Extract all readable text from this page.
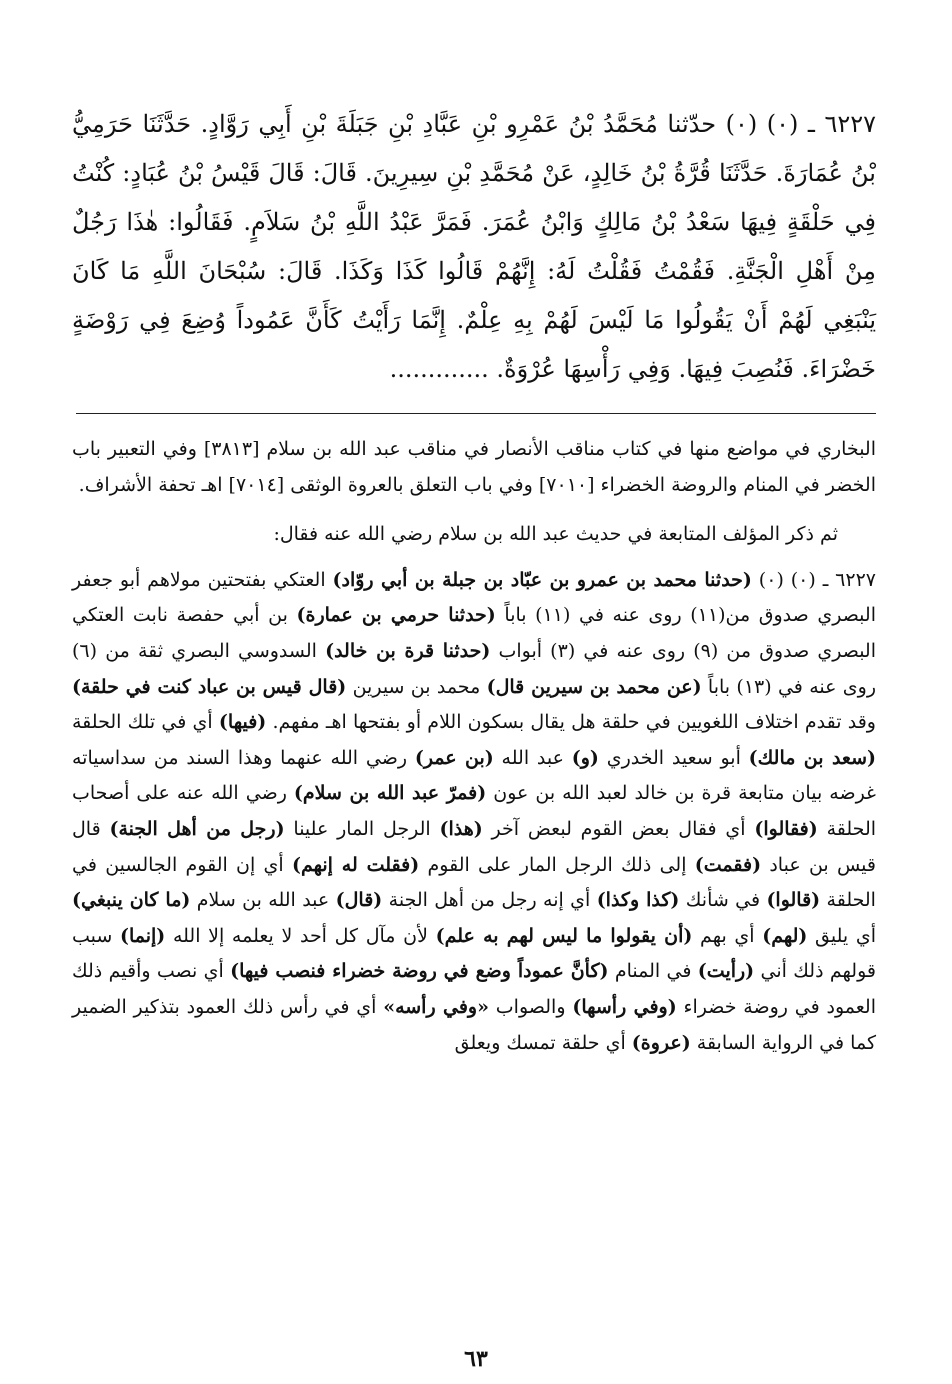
٦٢٢٧ ـ (٠) (٠) حدّثنا مُحَمَّدُ بْنُ عَمْرِو بْنِ عَبَّادِ بْنِ جَبَلَةَ بْنِ أَبِي رَوَّادٍ. حَدَّثَنَا حَرَمِيُّ بْنُ عُمَارَةَ. حَدَّثَنَا قُرَّةُ بْنُ خَالِدٍ، عَنْ مُحَمَّدِ بْنِ سِيرِينَ. قَالَ: قَالَ قَيْسُ بْنُ عُبَادٍ: كُنْتُ فِي حَلْقَةٍ فِيهَا سَعْدُ بْنُ مَالِكٍ وَابْنُ عُمَرَ. فَمَرَّ عَبْدُ اللَّهِ بْنُ سَلاَمٍ. فَقَالُوا: هٰذَا رَجُلٌ مِنْ أَهْلِ الْجَنَّةِ. فَقُمْتُ فَقُلْتُ لَهُ: إِنَّهُمْ قَالُوا كَذَا وَكَذَا. قَالَ: سُبْحَانَ اللَّهِ مَا كَانَ يَنْبَغِي لَهُمْ أَنْ يَقُولُوا مَا لَيْسَ لَهُمْ بِهِ عِلْمٌ. إِنَّمَا رَأَيْتُ كَأَنَّ عَمُوداً وُضِعَ فِي رَوْضَةٍ خَضْرَاءَ. فَنُصِبَ فِيهَا. وَفِي رَأْسِهَا عُرْوَةٌ. .............

البخاري في مواضع منها في كتاب مناقب الأنصار في مناقب عبد الله بن سلام [٣٨١٣] وفي التعبير باب الخضر في المنام والروضة الخضراء [٧٠١٠] وفي باب التعلق بالعروة الوثقى [٧٠١٤] اهـ تحفة الأشراف.

ثم ذكر المؤلف المتابعة في حديث عبد الله بن سلام رضي الله عنه فقال:

٦٢٢٧ ـ (٠) (٠) (حدثنا محمد بن عمرو بن عبّاد بن جبلة بن أبي روّاد) العتكي بفتحتين مولاهم أبو جعفر البصري صدوق من(١١) روى عنه في (١١) باباً (حدثنا حرمي بن عمارة) بن أبي حفصة نابت العتكي البصري صدوق من (٩) روى عنه في (٣) أبواب (حدثنا قرة بن خالد) السدوسي البصري ثقة من (٦) روى عنه في (١٣) باباً (عن محمد بن سيرين قال) محمد بن سيرين (قال قيس بن عباد كنت في حلقة) وقد تقدم اختلاف اللغويين في حلقة هل يقال بسكون اللام أو بفتحها اهـ مفهم. (فيها) أي في تلك الحلقة (سعد بن مالك) أبو سعيد الخدري (و) عبد الله (بن عمر) رضي الله عنهما وهذا السند من سداسياته غرضه بيان متابعة قرة بن خالد لعبد الله بن عون (فمرّ عبد الله بن سلام) رضي الله عنه على أصحاب الحلقة (فقالوا) أي فقال بعض القوم لبعض آخر (هذا) الرجل المار علينا (رجل من أهل الجنة) قال قيس بن عباد (فقمت) إلى ذلك الرجل المار على القوم (فقلت له إنهم) أي إن القوم الجالسين في الحلقة (قالوا) في شأنك (كذا وكذا) أي إنه رجل من أهل الجنة (قال) عبد الله بن سلام (ما كان ينبغي) أي يليق (لهم) أي بهم (أن يقولوا ما ليس لهم به علم) لأن مآل كل أحد لا يعلمه إلا الله (إنما) سبب قولهم ذلك أني (رأيت) في المنام (كأنَّ عموداً وضع في روضة خضراء فنصب فيها) أي نصب وأقيم ذلك العمود في روضة خضراء (وفي رأسها) والصواب «وفي رأسه» أي في رأس ذلك العمود بتذكير الضمير كما في الرواية السابقة (عروة) أي حلقة تمسك ويعلق

٦٣
